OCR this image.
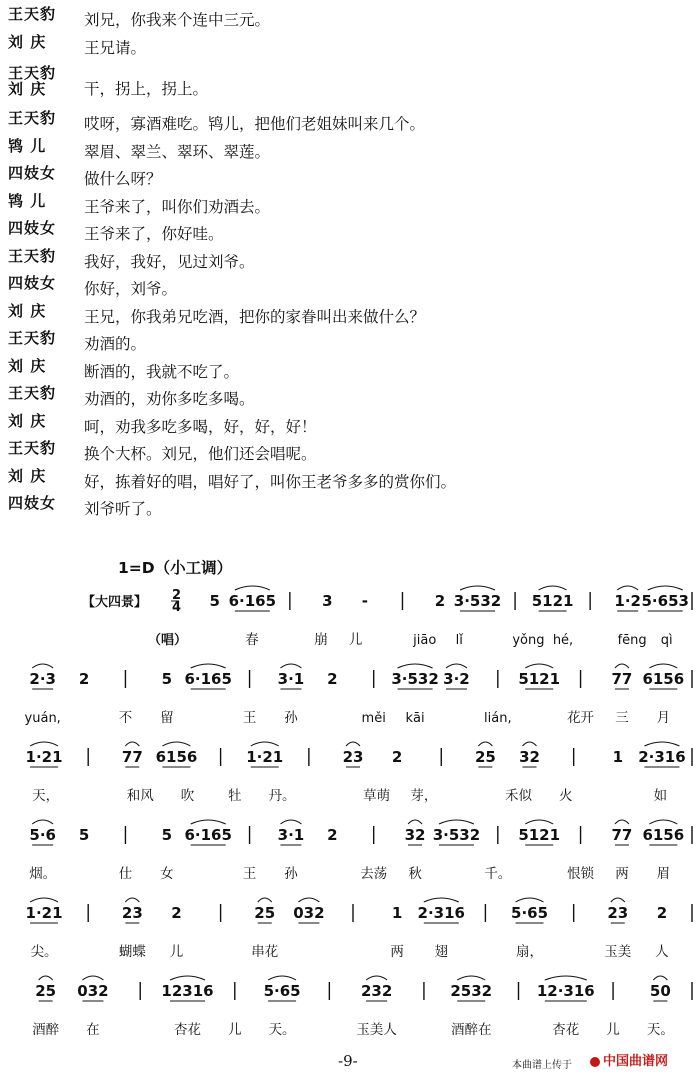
王天豹	刘兄，你我来个连中三元。
刘 庆	王兄请。
王天豹
刘 庆	干，拐上，拐上。
王天豹	哎呀，寡酒难吃。鸨儿，把他们老姐妹叫来几个。
鸨 儿	翠眉、翠兰、翠环、翠莲。
四妓女	做什么呀？
鸨 儿	王爷来了，叫你们劝酒去。
四妓女	王爷来了，你好哇。
王天豹	我好，我好，见过刘爷。
四妓女	你好，刘爷。
刘 庆	王兄，你我弟兄吃酒，把你的家眷叫出来做什么？
王天豹	劝酒的。
刘 庆	断酒的，我就不吃了。
王天豹	劝酒的，劝你多吃多喝。
刘 庆	呵，劝我多吃多喝，好，好，好！
王天豹	换个大杯。刘兄，他们还会唱呢。
刘 庆	好，拣着好的唱，唱好了，叫你王老爷多多的赏你们。
四妓女	刘爷听了。
1=D（小工调）
【大四景】 2
4
（唱）
5 6·165	3 -	2 3·532 5121	1·2 5·653
春	崩 儿	jiāo lǐ	yǒng hé,	fēng qì
2·3 2	5 6·165	3·1 2	3·532 3·2	5121	77 6156
yuán,	不 留	王 孙	měi kāi	lián,	花开 三 月
1·21	77 6156	1·21	23 2	25 32	1 2·316
天，	和风 吹	牡 丹。	草萌 芽，	禾似 火	如
5·6 5	5 6·165	3·1 2	32 3·532	5121	77 6156
烟。	仕 女	王 孙	去荡 秋	千。	恨锁 两 眉
1·21	23 2	25 032	1 2·316	5·65	23 2
尖。	蝴蝶 儿	串花	两 翅	扇，	玉美 人
25 032	12316	5·65	232	2532	12·316	50
酒醉 在	杏花 儿 天。	玉美人	酒醉在	杏花 儿 天。
-9-	本曲谱上传于	中国曲谱网
